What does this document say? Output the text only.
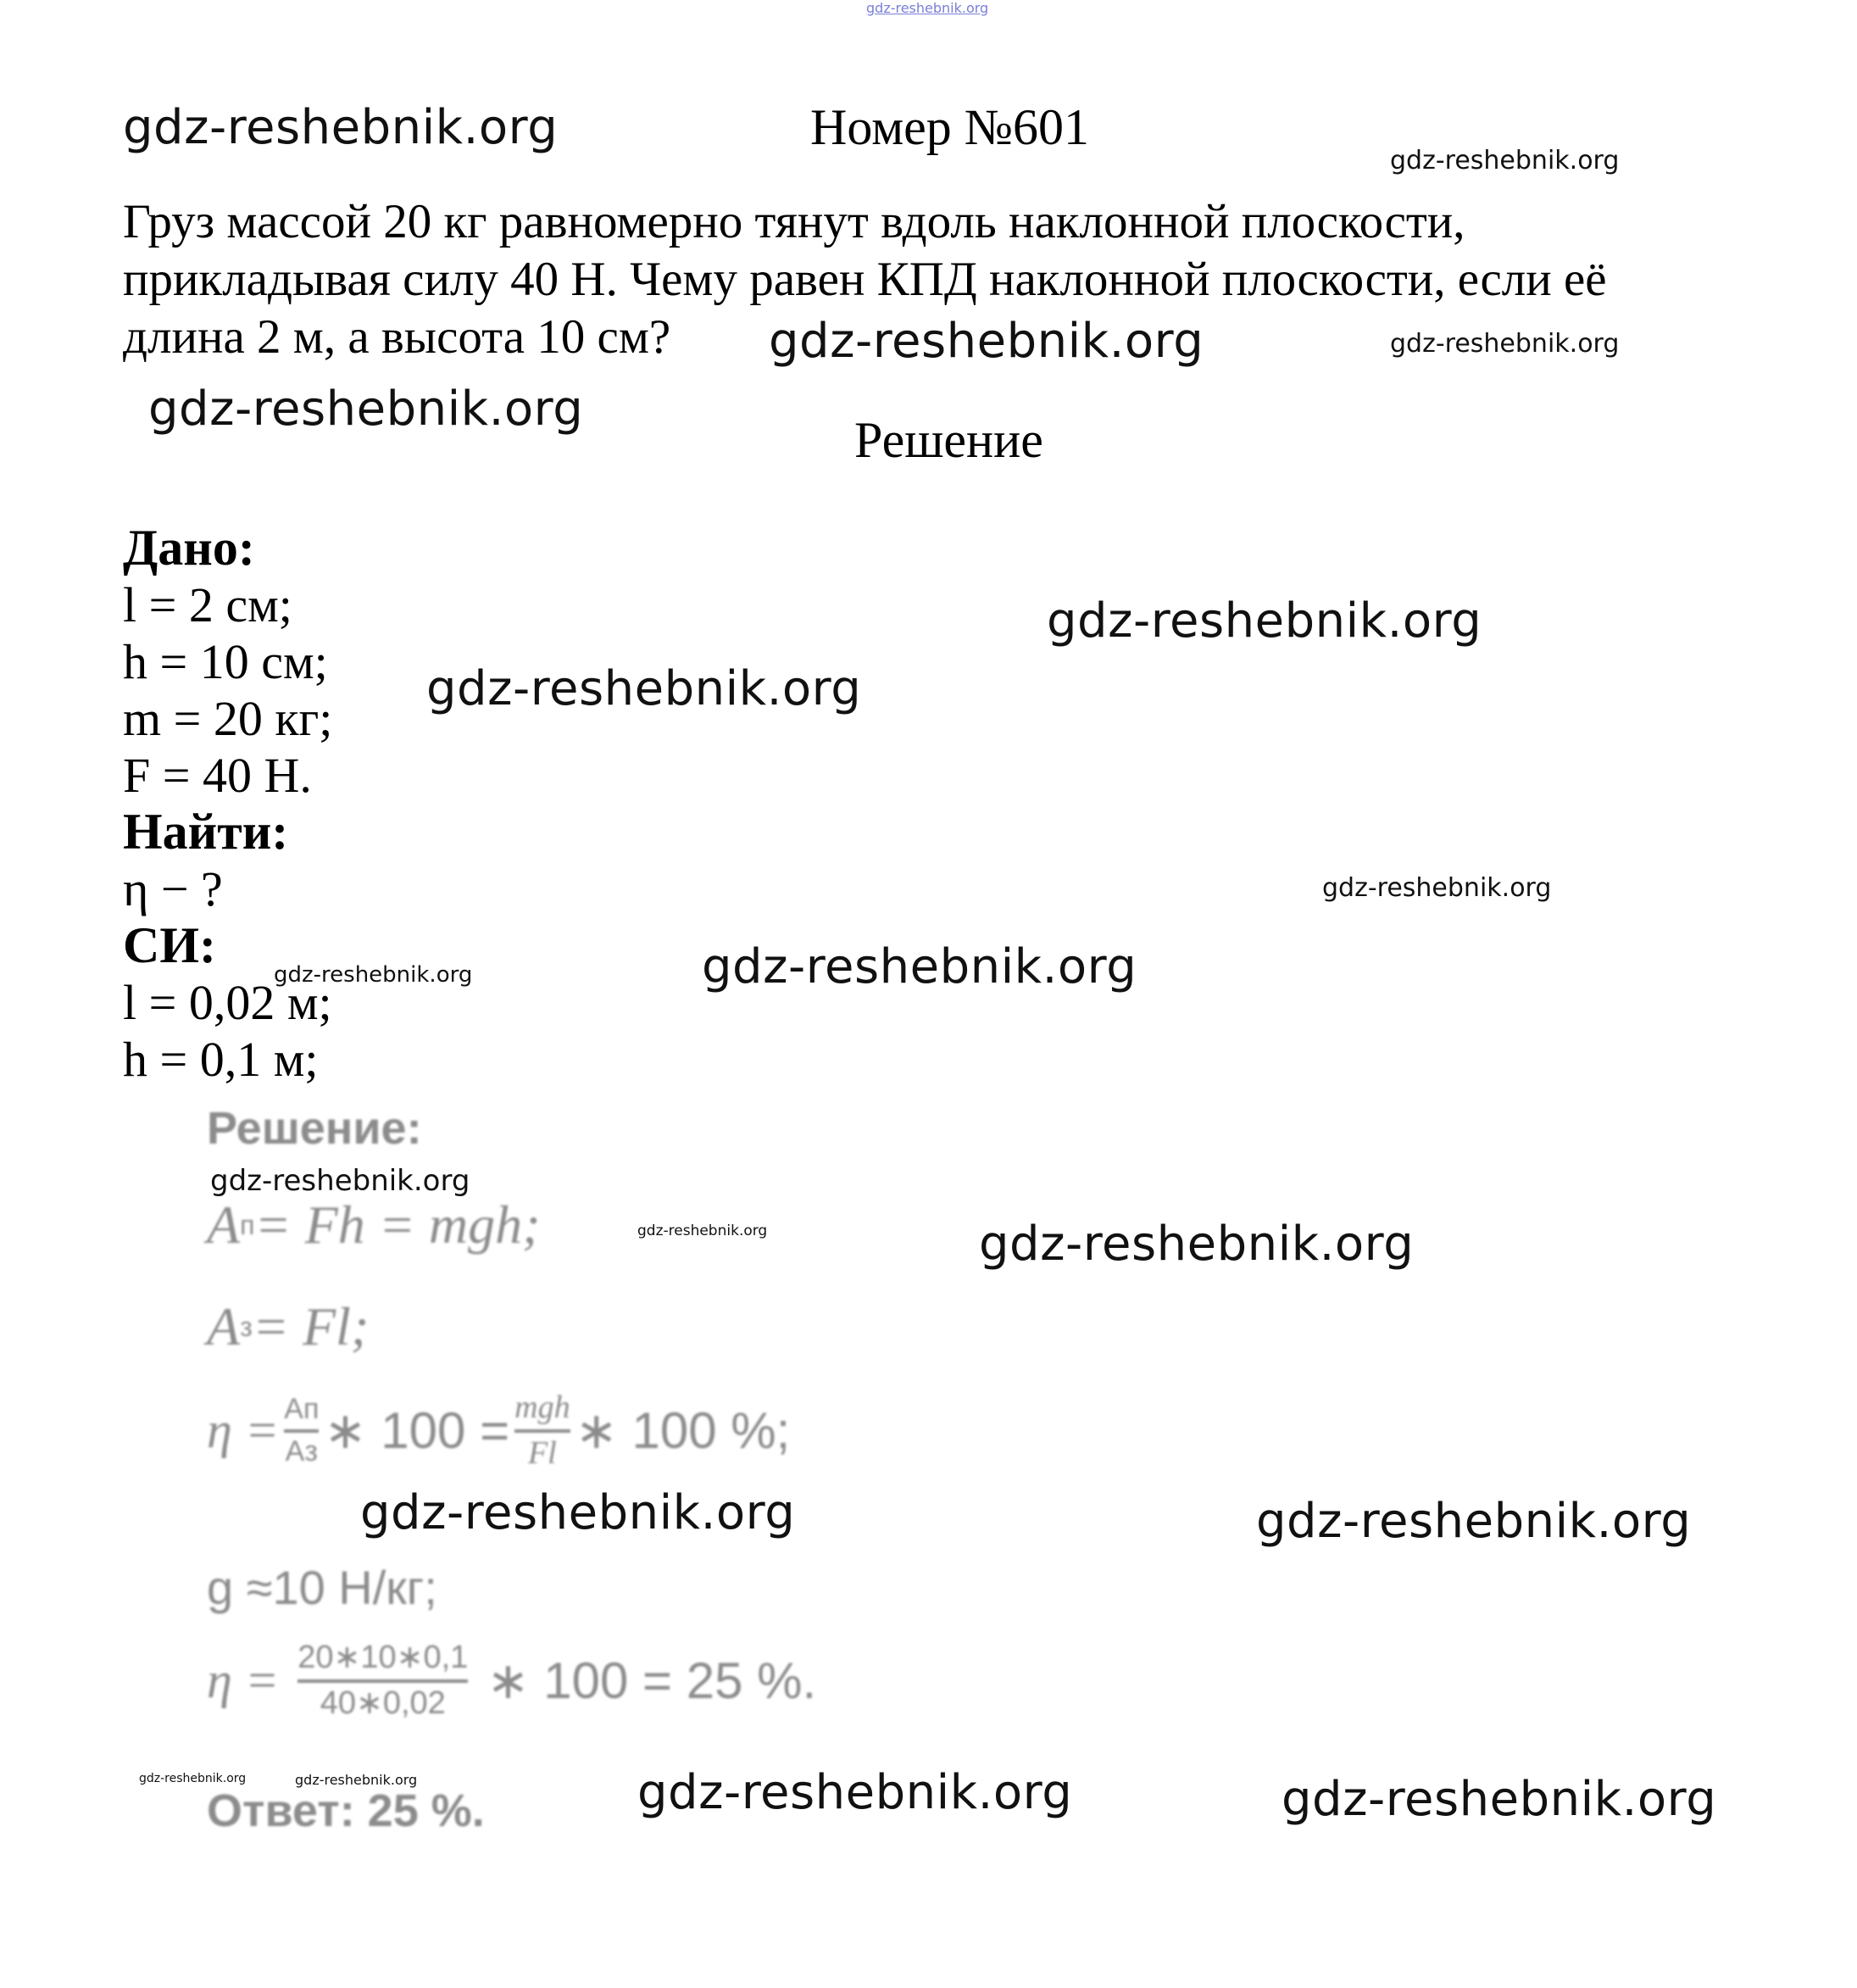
gdz-reshebnik.org
gdz-reshebnik.org	Номер №601
gdz-reshebnik.org
Груз массой 20 кг равномерно тянут вдоль наклонной плоскости,
прикладывая силу 40 Н. Чему равен КПД наклонной плоскости, если её
длина 2 м, а высота 10 см?	gdz-reshebnik.org	gdz-reshebnik.org
gdz-reshebnik.org
Решение
Дано:
l = 2 см;
h = 10 см;
m = 20 кг;
F = 40 Н.
Найти:
η − ?
СИ:
l = 0,02 м;
h = 0,1 м;
gdz-reshebnik.org
gdz-reshebnik.org
gdz-reshebnik.org
gdz-reshebnik.org
gdz-reshebnik.org
Решение:
gdz-reshebnik.org
A п = Fh = mgh;	gdz-reshebnik.org	gdz-reshebnik.org
A з = Fl;
$\eta = \frac{Aп}{Aз}$ ∗ $100 = \frac{\text{mgh}}{Fl}$ ∗ 100 %;
gdz-reshebnik.org	gdz-reshebnik.org
g ≈10 Н/кг;
$\eta = \frac{20∗10∗0,1}{40∗0,02}$ ∗ 100 = 25 %.
gdz-reshebnik.org	gdz-reshebnik.org
Ответ: 25 %.	gdz-reshebnik.org	gdz-reshebnik.org
